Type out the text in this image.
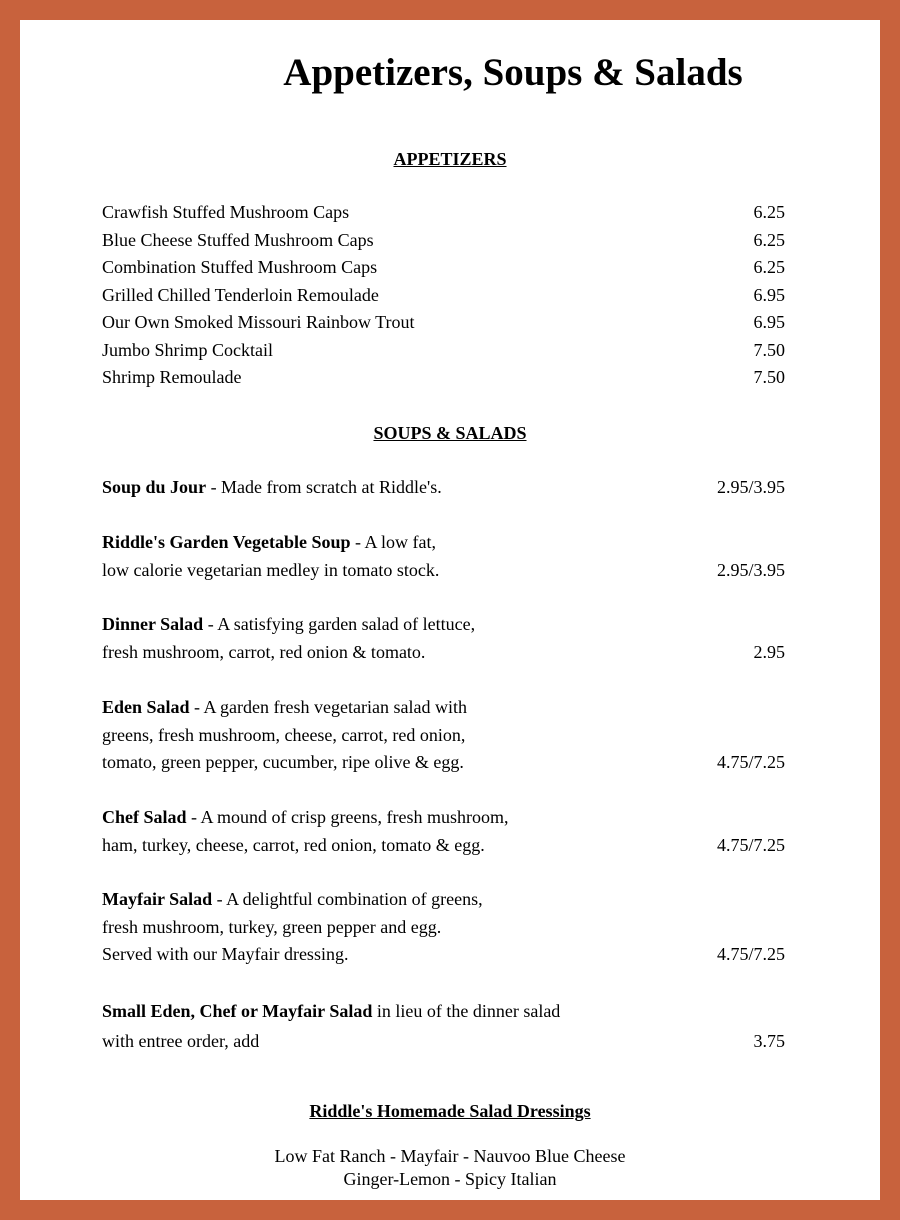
Appetizers, Soups & Salads
APPETIZERS
Crawfish Stuffed Mushroom Caps	6.25
Blue Cheese Stuffed Mushroom Caps	6.25
Combination Stuffed Mushroom Caps	6.25
Grilled Chilled Tenderloin Remoulade	6.95
Our Own Smoked Missouri Rainbow Trout	6.95
Jumbo Shrimp Cocktail	7.50
Shrimp Remoulade	7.50
SOUPS & SALADS
Soup du Jour - Made from scratch at Riddle's.	2.95/3.95
Riddle's Garden Vegetable Soup - A low fat,
low calorie vegetarian medley in tomato stock.	2.95/3.95
Dinner Salad - A satisfying garden salad of lettuce,
fresh mushroom, carrot, red onion & tomato.	2.95
Eden Salad - A garden fresh vegetarian salad with
greens, fresh mushroom, cheese, carrot, red onion,
tomato, green pepper, cucumber, ripe olive & egg.	4.75/7.25
Chef Salad - A mound of crisp greens, fresh mushroom,
ham, turkey, cheese, carrot, red onion, tomato & egg.	4.75/7.25
Mayfair Salad - A delightful combination of greens,
fresh mushroom, turkey, green pepper and egg.
Served with our Mayfair dressing.	4.75/7.25
Small Eden, Chef or Mayfair Salad in lieu of the dinner salad
with entree order, add	3.75
Riddle's Homemade Salad Dressings
Low Fat Ranch - Mayfair - Nauvoo Blue Cheese
Ginger-Lemon - Spicy Italian
